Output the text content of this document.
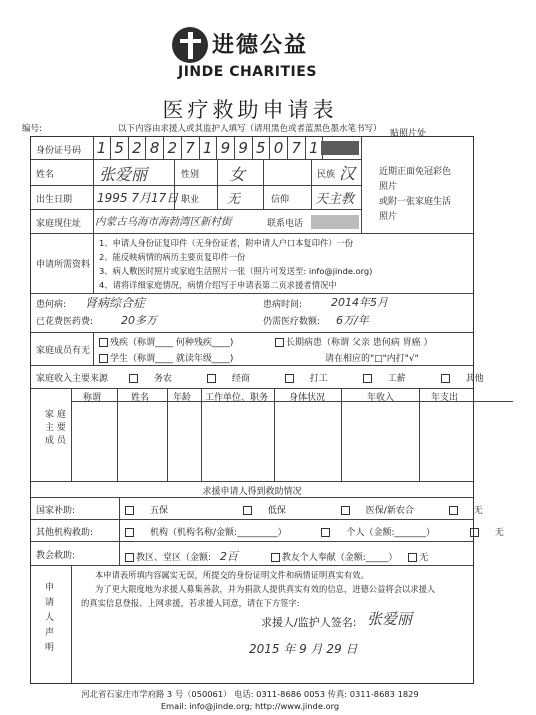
进德公益
JINDE CHARITIES
医疗救助申请表
编号:	以下内容由求援人或其监护人填写（请用黑色或者蓝黑色墨水笔书写） 贴照片处
身份证号码 1 5 2 8 2 7 1 9 9 5 0 7 1
姓名	张爱丽	性别 女	民族 汉
出生日期 1995 7月17日 职业 无	信仰 天主教
家庭现住址 内蒙古乌海市海勃湾区新村街	联系电话
近期正面免冠彩色
照片
或附一张家庭生活
照片
申请所需资料
1、申请人身份证复印件（无身份证者，附申请人户口本复印件）一份
2、能反映病情的病历主要页复印件一份
3、病人敷医时照片或家庭生活照片一张（照片可发送至: info@jinde.org)
4、请将详细家庭情况，病情介绍写于申请表第二页求援者情况中
患何病: 肾病综合症	患病时间:	2014年5月
已花费医药费:	20多万	仍需医疗数额: 6万/年
家庭成员有无
残疾（称谓____ 何种残疾____)	长期病患（称谓 父亲 患何病 胃癌 ）
学生（称谓____ 就读年级____)	请在相应的"□"内打"√"
家庭收入主要来源	务农	经商	打工	工薪	其他
家 庭
主 要
成 员
称谓	姓名	年龄 工作单位、职务 身体状况	年收入	年支出
求援申请人得到救助情况
国家补助:	五保	低保	医保/新农合	无
其他机构救助:	机构（机构名称/金额:_________）	个人（金额:_______）	无
教会救助:	教区、堂区（金额: 2百	教友个人奉献（金额:_____） 无
申
请
人
声
明
本申请表所填内容属实无误，所提交的身份证明文件和病情证明真实有效。
为了更大限度地为求援人募集善款，并为捐款人提供真实有效的信息，进德公益将会以求援人
的真实信息登报、上网求援，若求援人同意，请在下方签字:
求援人/监护人签名: 张爱丽
2015 年 9 月 29 日
河北省石家庄市学府路 3 号（050061） 电话: 0311-8686 0053 传真: 0311-8683 1829
Email: info@jinde.org; http://www.jinde.org
